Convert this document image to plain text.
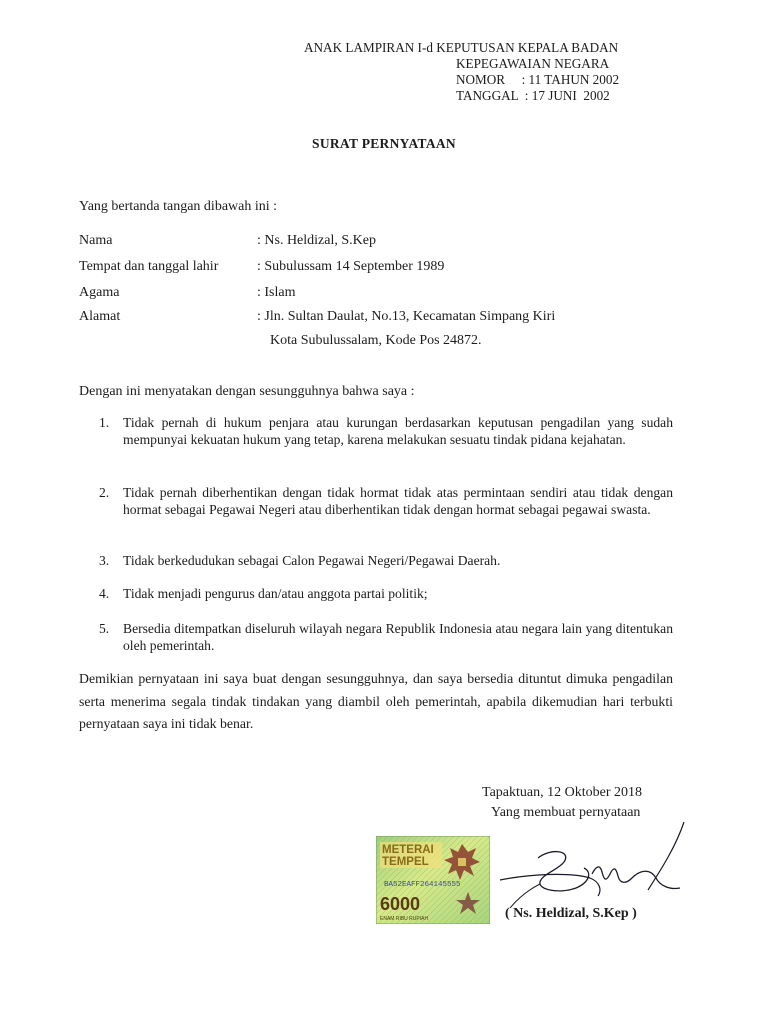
ANAK LAMPIRAN I-d KEPUTUSAN KEPALA BADAN
KEPEGAWAIAN NEGARA
NOMOR     : 11 TAHUN 2002
TANGGAL  : 17 JUNI  2002
SURAT PERNYATAAN
Yang bertanda tangan dibawah ini :
Nama	: Ns. Heldizal, S.Kep
Tempat dan tanggal lahir	: Subulussam 14 September 1989
Agama	: Islam
Alamat	: Jln. Sultan Daulat, No.13, Kecamatan Simpang Kiri
Kota Subulussalam, Kode Pos 24872.
Dengan ini menyatakan dengan sesungguhnya bahwa saya :
1. Tidak pernah di hukum penjara atau kurungan berdasarkan keputusan pengadilan yang sudah mempunyai kekuatan hukum yang tetap, karena melakukan sesuatu tindak pidana kejahatan.
2. Tidak pernah diberhentikan dengan tidak hormat tidak atas permintaan sendiri atau tidak dengan hormat sebagai Pegawai Negeri atau diberhentikan tidak dengan hormat sebagai pegawai swasta.
3. Tidak berkedudukan sebagai Calon Pegawai Negeri/Pegawai Daerah.
4. Tidak menjadi pengurus dan/atau anggota partai politik;
5. Bersedia ditempatkan diseluruh wilayah negara Republik Indonesia atau negara lain yang ditentukan oleh pemerintah.
Demikian pernyataan ini saya buat dengan sesungguhnya, dan saya bersedia dituntut dimuka pengadilan serta menerima segala tindak tindakan yang diambil oleh pemerintah, apabila dikemudian hari terbukti pernyataan saya ini tidak benar.
Tapaktuan, 12 Oktober 2018
Yang membuat pernyataan
METERAI
TEMPEL
BA52EAFF264145555
6000
ENAM RIBU RUPIAH	( Ns. Heldizal, S.Kep )
